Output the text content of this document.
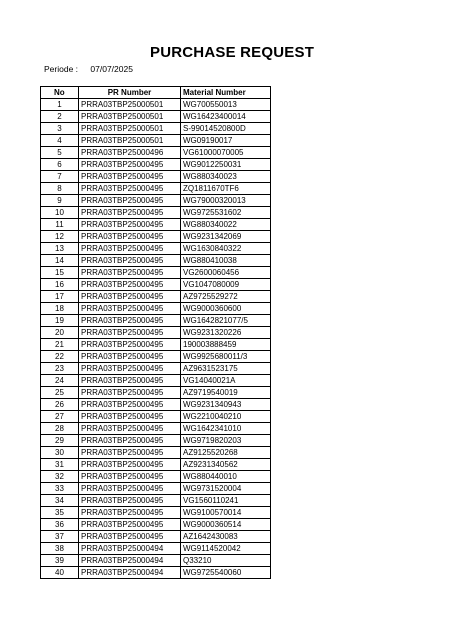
PURCHASE REQUEST
Periode : 07/07/2025
No	PR Number	Material Number
1	PRRA03TBP25000501	WG700550013
2	PRRA03TBP25000501	WG16423400014
3	PRRA03TBP25000501	S-99014520800D
4	PRRA03TBP25000501	WG09190017
5	PRRA03TBP25000496	VG61000070005
6	PRRA03TBP25000495	WG9012250031
7	PRRA03TBP25000495	WG880340023
8	PRRA03TBP25000495	ZQ1811670TF6
9	PRRA03TBP25000495	WG79000320013
10	PRRA03TBP25000495	WG9725531602
11	PRRA03TBP25000495	WG880340022
12	PRRA03TBP25000495	WG9231342069
13	PRRA03TBP25000495	WG1630840322
14	PRRA03TBP25000495	WG880410038
15	PRRA03TBP25000495	VG2600060456
16	PRRA03TBP25000495	VG1047080009
17	PRRA03TBP25000495	AZ9725529272
18	PRRA03TBP25000495	WG9000360600
19	PRRA03TBP25000495	WG1642821077/5
20	PRRA03TBP25000495	WG9231320226
21	PRRA03TBP25000495	190003888459
22	PRRA03TBP25000495	WG9925680011/3
23	PRRA03TBP25000495	AZ9631523175
24	PRRA03TBP25000495	VG14040021A
25	PRRA03TBP25000495	AZ9719540019
26	PRRA03TBP25000495	WG9231340943
27	PRRA03TBP25000495	WG2210040210
28	PRRA03TBP25000495	WG1642341010
29	PRRA03TBP25000495	WG9719820203
30	PRRA03TBP25000495	AZ9125520268
31	PRRA03TBP25000495	AZ9231340562
32	PRRA03TBP25000495	WG880440010
33	PRRA03TBP25000495	WG9731520004
34	PRRA03TBP25000495	VG1560110241
35	PRRA03TBP25000495	WG9100570014
36	PRRA03TBP25000495	WG9000360514
37	PRRA03TBP25000495	AZ1642430083
38	PRRA03TBP25000494	WG9114520042
39	PRRA03TBP25000494	Q33210
40	PRRA03TBP25000494	WG9725540060
